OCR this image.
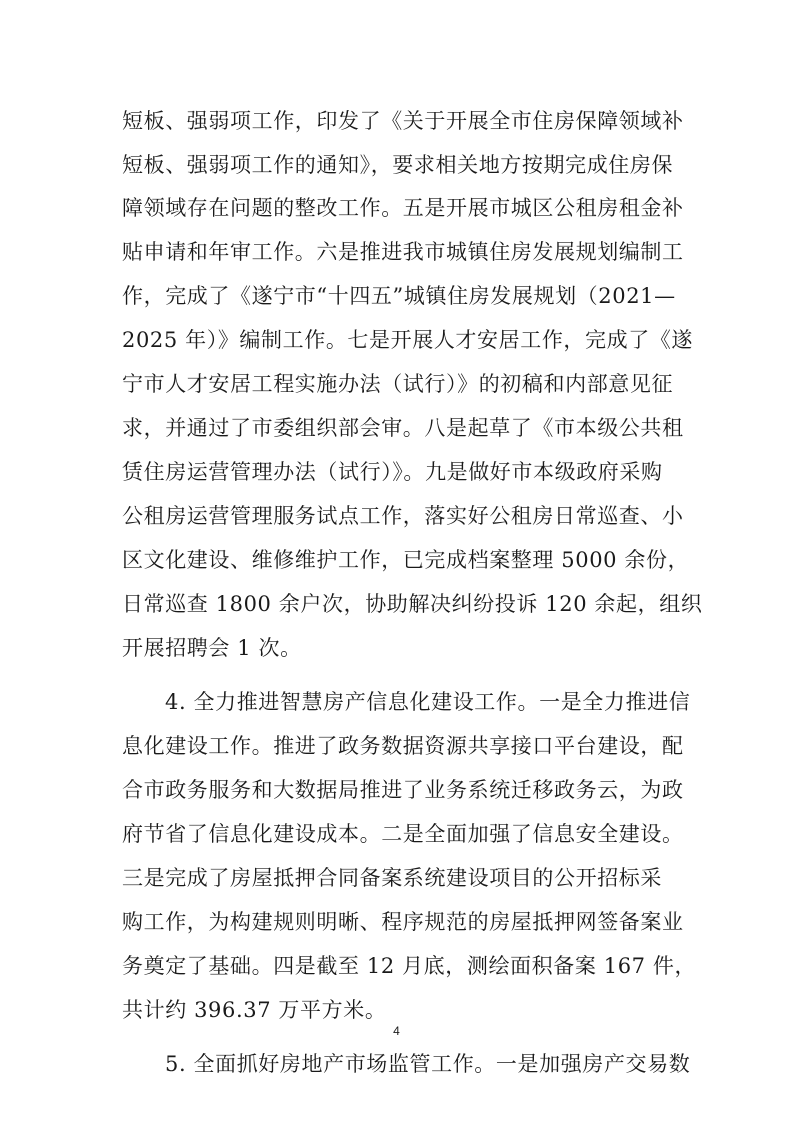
短板、强弱项工作，印发了《关于开展全市住房保障领域补
短板、强弱项工作的通知》，要求相关地方按期完成住房保
障领域存在问题的整改工作。五是开展市城区公租房租金补
贴申请和年审工作。六是推进我市城镇住房发展规划编制工
作，完成了《遂宁市“十四五”城镇住房发展规划（2021—
2025 年）》编制工作。七是开展人才安居工作，完成了《遂
宁市人才安居工程实施办法（试行）》的初稿和内部意见征
求，并通过了市委组织部会审。八是起草了《市本级公共租
赁住房运营管理办法（试行）》。九是做好市本级政府采购
公租房运营管理服务试点工作，落实好公租房日常巡查、小
区文化建设、维修维护工作，已完成档案整理 5000 余份，
日常巡查 1800 余户次，协助解决纠纷投诉 120 余起，组织
开展招聘会 1 次。
4. 全力推进智慧房产信息化建设工作。一是全力推进信
息化建设工作。推进了政务数据资源共享接口平台建设，配
合市政务服务和大数据局推进了业务系统迁移政务云，为政
府节省了信息化建设成本。二是全面加强了信息安全建设。
三是完成了房屋抵押合同备案系统建设项目的公开招标采
购工作，为构建规则明晰、程序规范的房屋抵押网签备案业
务奠定了基础。四是截至 12 月底，测绘面积备案 167 件，
共计约 396.37 万平方米。
5. 全面抓好房地产市场监管工作。一是加强房产交易数
4
